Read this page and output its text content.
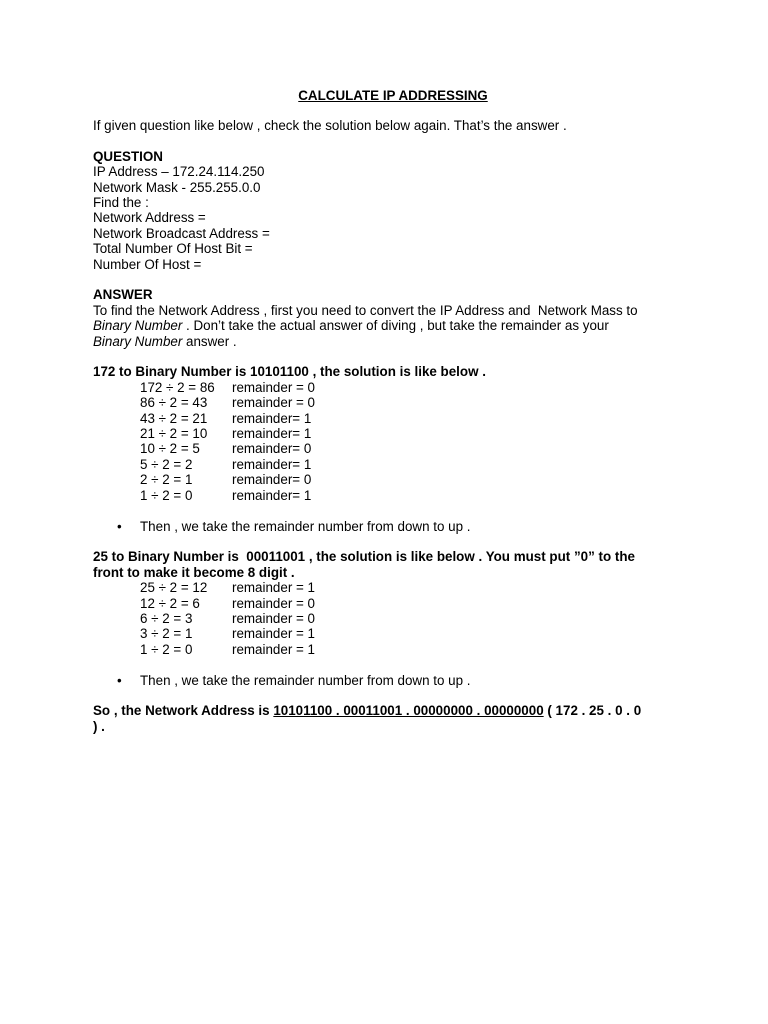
CALCULATE IP ADDRESSING
If given question like below , check the solution below again. That’s the answer .
QUESTION
IP Address – 172.24.114.250
Network Mask - 255.255.0.0
Find the :
Network Address =
Network Broadcast Address =
Total Number Of Host Bit =
Number Of Host =
ANSWER
To find the Network Address , first you need to convert the IP Address and  Network Mass to
Binary Number . Don’t take the actual answer of diving , but take the remainder as your
Binary Number answer .
172 to Binary Number is 10101100 , the solution is like below .
172 ÷ 2 = 86	remainder = 0
86 ÷ 2 = 43	remainder = 0
43 ÷ 2 = 21	remainder= 1
21 ÷ 2 = 10	remainder= 1
10 ÷ 2 = 5	remainder= 0
5 ÷ 2 = 2	remainder= 1
2 ÷ 2 = 1	remainder= 0
1 ÷ 2 = 0	remainder= 1
•	Then , we take the remainder number from down to up .
25 to Binary Number is  00011001 , the solution is like below . You must put ”0” to the
front to make it become 8 digit .
25 ÷ 2 = 12	remainder = 1
12 ÷ 2 = 6	remainder = 0
6 ÷ 2 = 3	remainder = 0
3 ÷ 2 = 1	remainder = 1
1 ÷ 2 = 0	remainder = 1
•	Then , we take the remainder number from down to up .
So , the Network Address is 10101100 . 00011001 . 00000000 . 00000000 ( 172 . 25 . 0 . 0
) .
